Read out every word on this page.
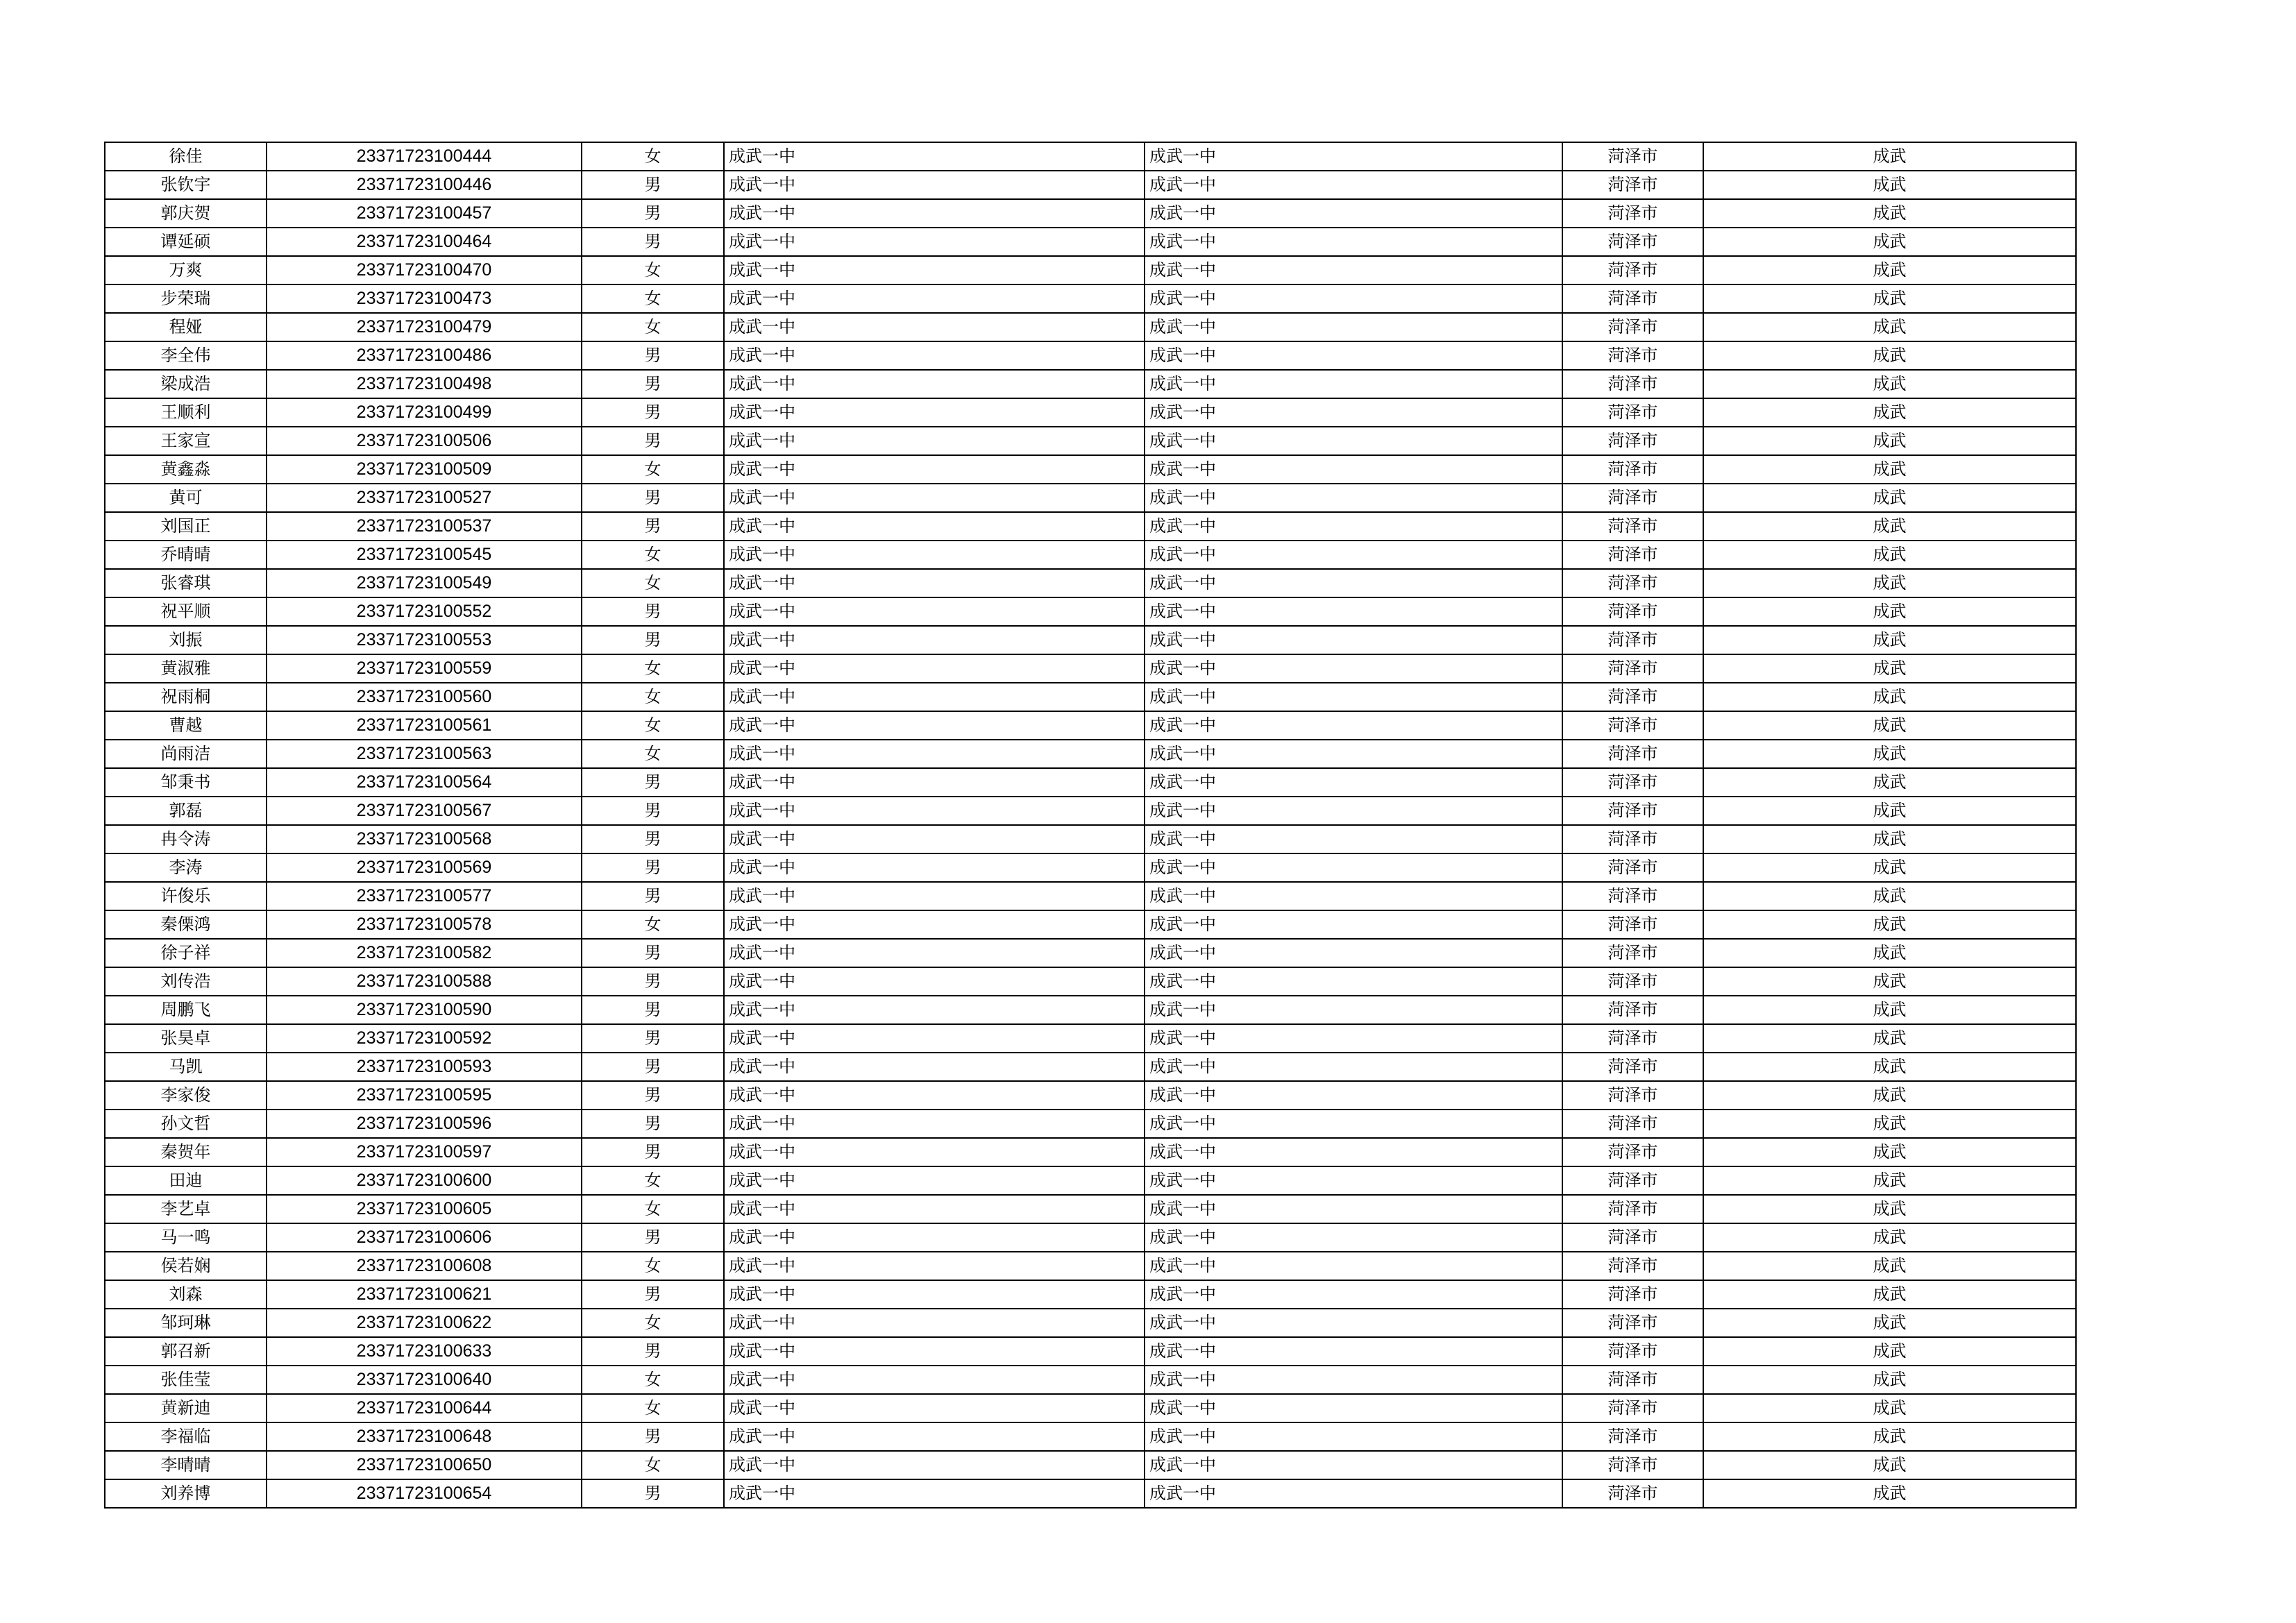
徐佳	23371723100444	女	成武一中	成武一中	菏泽市	成武
张钦宇	23371723100446	男	成武一中	成武一中	菏泽市	成武
郭庆贺	23371723100457	男	成武一中	成武一中	菏泽市	成武
谭延硕	23371723100464	男	成武一中	成武一中	菏泽市	成武
万爽	23371723100470	女	成武一中	成武一中	菏泽市	成武
步荣瑞	23371723100473	女	成武一中	成武一中	菏泽市	成武
程娅	23371723100479	女	成武一中	成武一中	菏泽市	成武
李全伟	23371723100486	男	成武一中	成武一中	菏泽市	成武
梁成浩	23371723100498	男	成武一中	成武一中	菏泽市	成武
王顺利	23371723100499	男	成武一中	成武一中	菏泽市	成武
王家宣	23371723100506	男	成武一中	成武一中	菏泽市	成武
黄鑫淼	23371723100509	女	成武一中	成武一中	菏泽市	成武
黄可	23371723100527	男	成武一中	成武一中	菏泽市	成武
刘国正	23371723100537	男	成武一中	成武一中	菏泽市	成武
乔晴晴	23371723100545	女	成武一中	成武一中	菏泽市	成武
张睿琪	23371723100549	女	成武一中	成武一中	菏泽市	成武
祝平顺	23371723100552	男	成武一中	成武一中	菏泽市	成武
刘振	23371723100553	男	成武一中	成武一中	菏泽市	成武
黄淑雅	23371723100559	女	成武一中	成武一中	菏泽市	成武
祝雨桐	23371723100560	女	成武一中	成武一中	菏泽市	成武
曹越	23371723100561	女	成武一中	成武一中	菏泽市	成武
尚雨洁	23371723100563	女	成武一中	成武一中	菏泽市	成武
邹秉书	23371723100564	男	成武一中	成武一中	菏泽市	成武
郭磊	23371723100567	男	成武一中	成武一中	菏泽市	成武
冉令涛	23371723100568	男	成武一中	成武一中	菏泽市	成武
李涛	23371723100569	男	成武一中	成武一中	菏泽市	成武
许俊乐	23371723100577	男	成武一中	成武一中	菏泽市	成武
秦傈鸿	23371723100578	女	成武一中	成武一中	菏泽市	成武
徐子祥	23371723100582	男	成武一中	成武一中	菏泽市	成武
刘传浩	23371723100588	男	成武一中	成武一中	菏泽市	成武
周鹏飞	23371723100590	男	成武一中	成武一中	菏泽市	成武
张昊卓	23371723100592	男	成武一中	成武一中	菏泽市	成武
马凯	23371723100593	男	成武一中	成武一中	菏泽市	成武
李家俊	23371723100595	男	成武一中	成武一中	菏泽市	成武
孙文哲	23371723100596	男	成武一中	成武一中	菏泽市	成武
秦贺年	23371723100597	男	成武一中	成武一中	菏泽市	成武
田迪	23371723100600	女	成武一中	成武一中	菏泽市	成武
李艺卓	23371723100605	女	成武一中	成武一中	菏泽市	成武
马一鸣	23371723100606	男	成武一中	成武一中	菏泽市	成武
侯若娴	23371723100608	女	成武一中	成武一中	菏泽市	成武
刘森	23371723100621	男	成武一中	成武一中	菏泽市	成武
邹珂琳	23371723100622	女	成武一中	成武一中	菏泽市	成武
郭召新	23371723100633	男	成武一中	成武一中	菏泽市	成武
张佳莹	23371723100640	女	成武一中	成武一中	菏泽市	成武
黄新迪	23371723100644	女	成武一中	成武一中	菏泽市	成武
李福临	23371723100648	男	成武一中	成武一中	菏泽市	成武
李晴晴	23371723100650	女	成武一中	成武一中	菏泽市	成武
刘养博	23371723100654	男	成武一中	成武一中	菏泽市	成武
